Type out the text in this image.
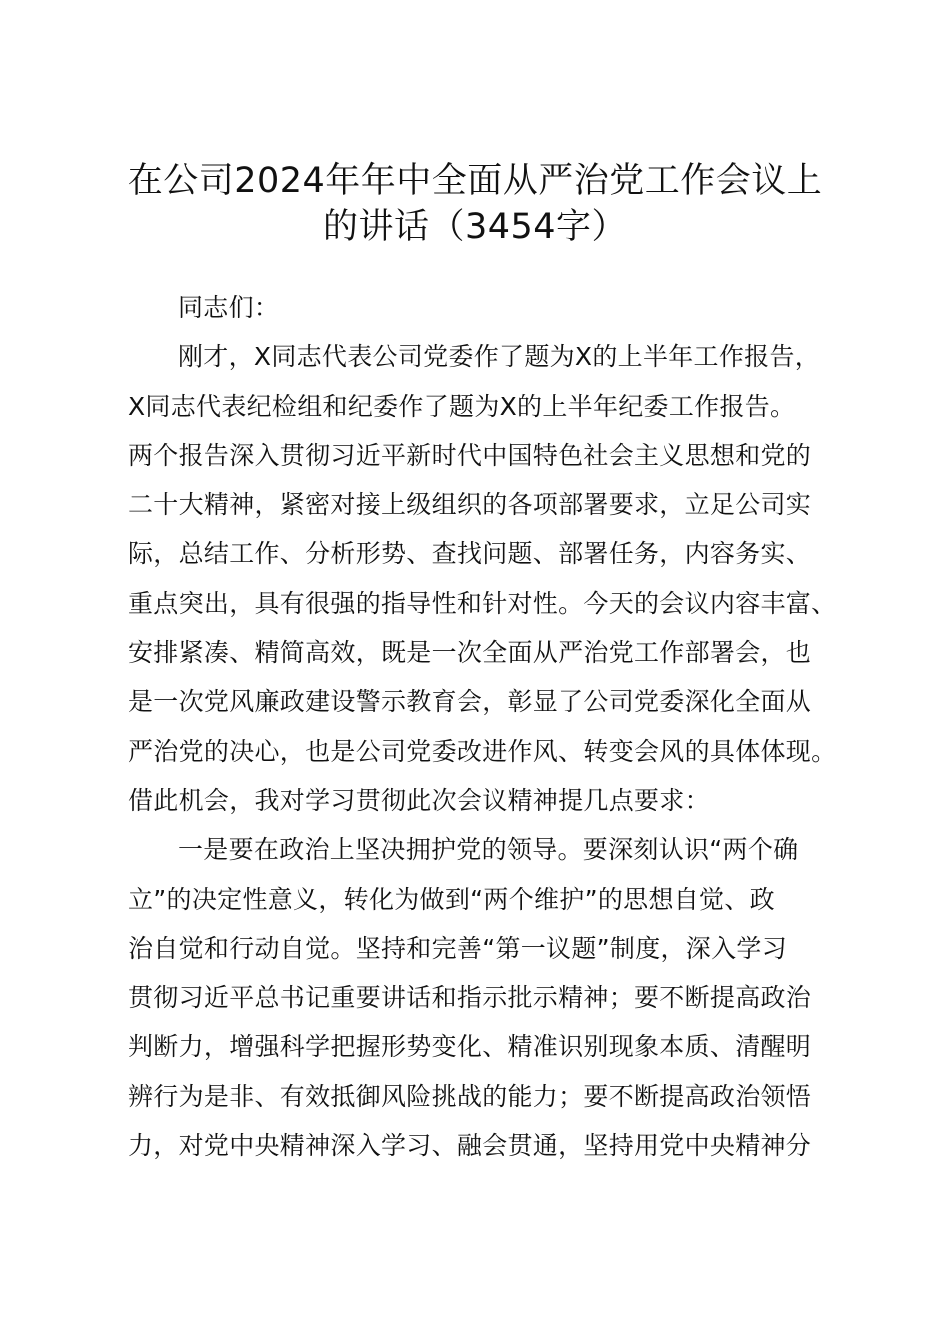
在公司2024年年中全面从严治党工作会议上
的讲话（3454字）
同志们：
刚才，X同志代表公司党委作了题为X的上半年工作报告，
X同志代表纪检组和纪委作了题为X的上半年纪委工作报告。
两个报告深入贯彻习近平新时代中国特色社会主义思想和党的
二十大精神，紧密对接上级组织的各项部署要求，立足公司实
际，总结工作、分析形势、查找问题、部署任务，内容务实、
重点突出，具有很强的指导性和针对性。今天的会议内容丰富、
安排紧凑、精简高效，既是一次全面从严治党工作部署会，也
是一次党风廉政建设警示教育会，彰显了公司党委深化全面从
严治党的决心，也是公司党委改进作风、转变会风的具体体现。
借此机会，我对学习贯彻此次会议精神提几点要求：
一是要在政治上坚决拥护党的领导。要深刻认识“两个确
立”的决定性意义，转化为做到“两个维护”的思想自觉、政
治自觉和行动自觉。坚持和完善“第一议题”制度，深入学习
贯彻习近平总书记重要讲话和指示批示精神；要不断提高政治
判断力，增强科学把握形势变化、精准识别现象本质、清醒明
辨行为是非、有效抵御风险挑战的能力；要不断提高政治领悟
力，对党中央精神深入学习、融会贯通，坚持用党中央精神分
